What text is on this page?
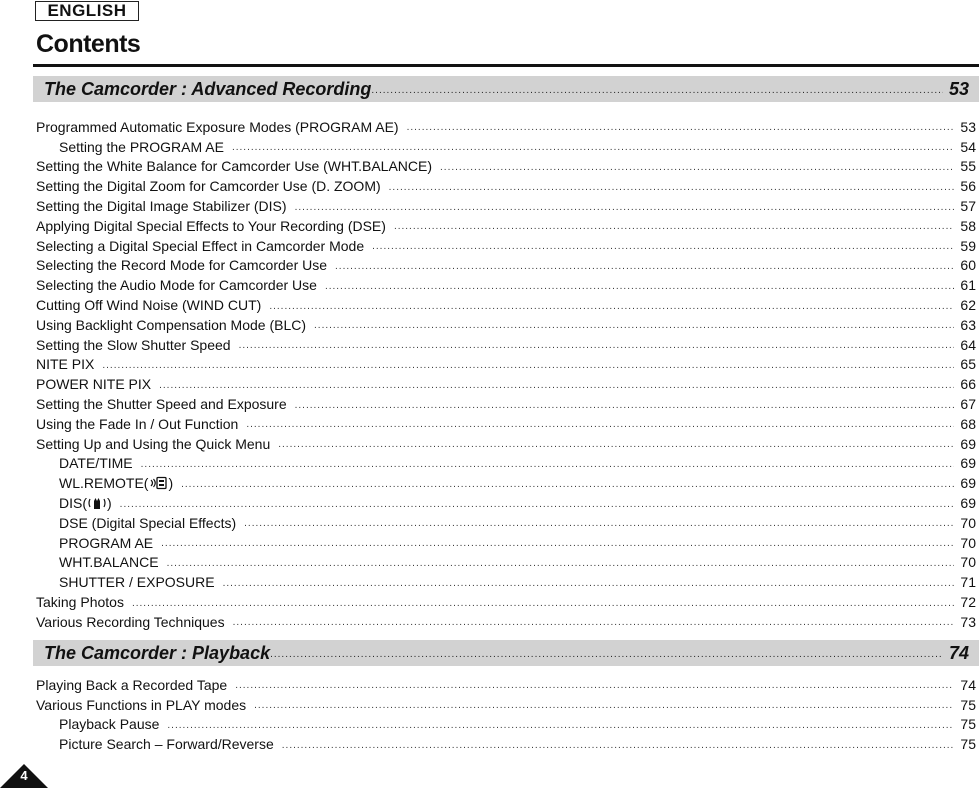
ENGLISH
Contents
The Camcorder : Advanced Recording .....	53
Programmed Automatic Exposure Modes (PROGRAM AE) .....	53
Setting the PROGRAM AE .....	54
Setting the White Balance for Camcorder Use (WHT.BALANCE) .....	55
Setting the Digital Zoom for Camcorder Use (D. ZOOM) .....	56
Setting the Digital Image Stabilizer (DIS) .....	57
Applying Digital Special Effects to Your Recording (DSE) .....	58
Selecting a Digital Special Effect in Camcorder Mode .....	59
Selecting the Record Mode for Camcorder Use .....	60
Selecting the Audio Mode for Camcorder Use .....	61
Cutting Off Wind Noise (WIND CUT) .....	62
Using Backlight Compensation Mode (BLC) .....	63
Setting the Slow Shutter Speed .....	64
NITE PIX .....	65
POWER NITE PIX .....	66
Setting the Shutter Speed and Exposure .....	67
Using the Fade In / Out Function .....	68
Setting Up and Using the Quick Menu .....	69
DATE/TIME .....	69
WL.REMOTE( ) .....	69
DIS( ) .....	69
DSE (Digital Special Effects) .....	70
PROGRAM AE .....	70
WHT.BALANCE .....	70
SHUTTER / EXPOSURE .....	71
Taking Photos .....	72
Various Recording Techniques .....	73
The Camcorder : Playback .....	74
Playing Back a Recorded Tape .....	74
Various Functions in PLAY modes .....	75
Playback Pause .....	75
Picture Search – Forward/Reverse .....	75
4
